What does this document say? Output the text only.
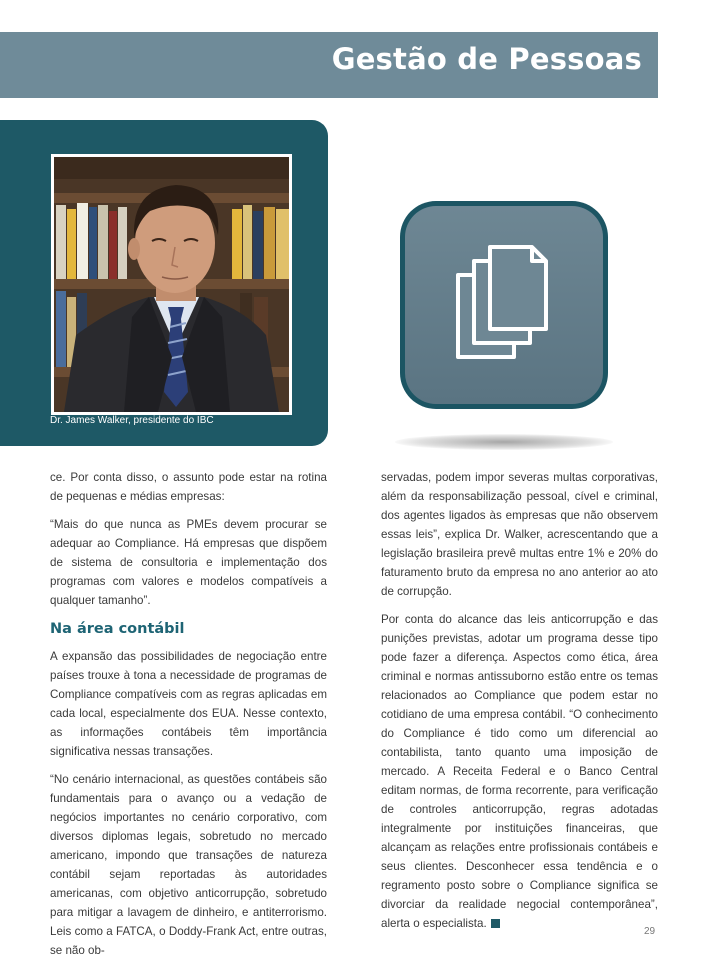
Gestão de Pessoas
Dr. James Walker, presidente do IBC

ce. Por conta disso, o assunto pode estar na rotina de pequenas e médias empresas:

“Mais do que nunca as PMEs devem procurar se adequar ao Compliance. Há empresas que dispõem de sistema de consultoria e implementação dos programas com valores e modelos compatíveis a qualquer tamanho”.

Na área contábil

A expansão das possibilidades de negociação entre países trouxe à tona a necessidade de programas de Compliance compatíveis com as regras aplicadas em cada local, especialmente dos EUA. Nesse contexto, as informações contábeis têm importância significativa nessas transações.

“No cenário internacional, as questões contábeis são fundamentais para o avanço ou a vedação de negócios importantes no cenário corporativo, com diversos diplomas legais, sobretudo no mercado americano, impondo que transações de natureza contábil sejam reportadas às autoridades americanas, com objetivo anticorrupção, sobretudo para mitigar a lavagem de dinheiro, e antiterrorismo. Leis como a FATCA, o Doddy-Frank Act, entre outras, se não ob-

servadas, podem impor severas multas corporativas, além da responsabilização pessoal, cível e criminal, dos agentes ligados às empresas que não observem essas leis”, explica Dr. Walker, acrescentando que a legislação brasileira prevê multas entre 1% e 20% do faturamento bruto da empresa no ano anterior ao ato de corrupção.

Por conta do alcance das leis anticorrupção e das punições previstas, adotar um programa desse tipo pode fazer a diferença. Aspectos como ética, área criminal e normas antissuborno estão entre os temas relacionados ao Compliance que podem estar no cotidiano de uma empresa contábil. “O conhecimento do Compliance é tido como um diferencial ao contabilista, tanto quanto uma imposição de mercado. A Receita Federal e o Banco Central editam normas, de forma recorrente, para verificação de controles anticorrupção, regras adotadas integralmente por instituições financeiras, que alcançam as relações entre profissionais contábeis e seus clientes. Desconhecer essa tendência e o regramento posto sobre o Compliance significa se divorciar da realidade negocial contemporânea”, alerta o especialista.

29
